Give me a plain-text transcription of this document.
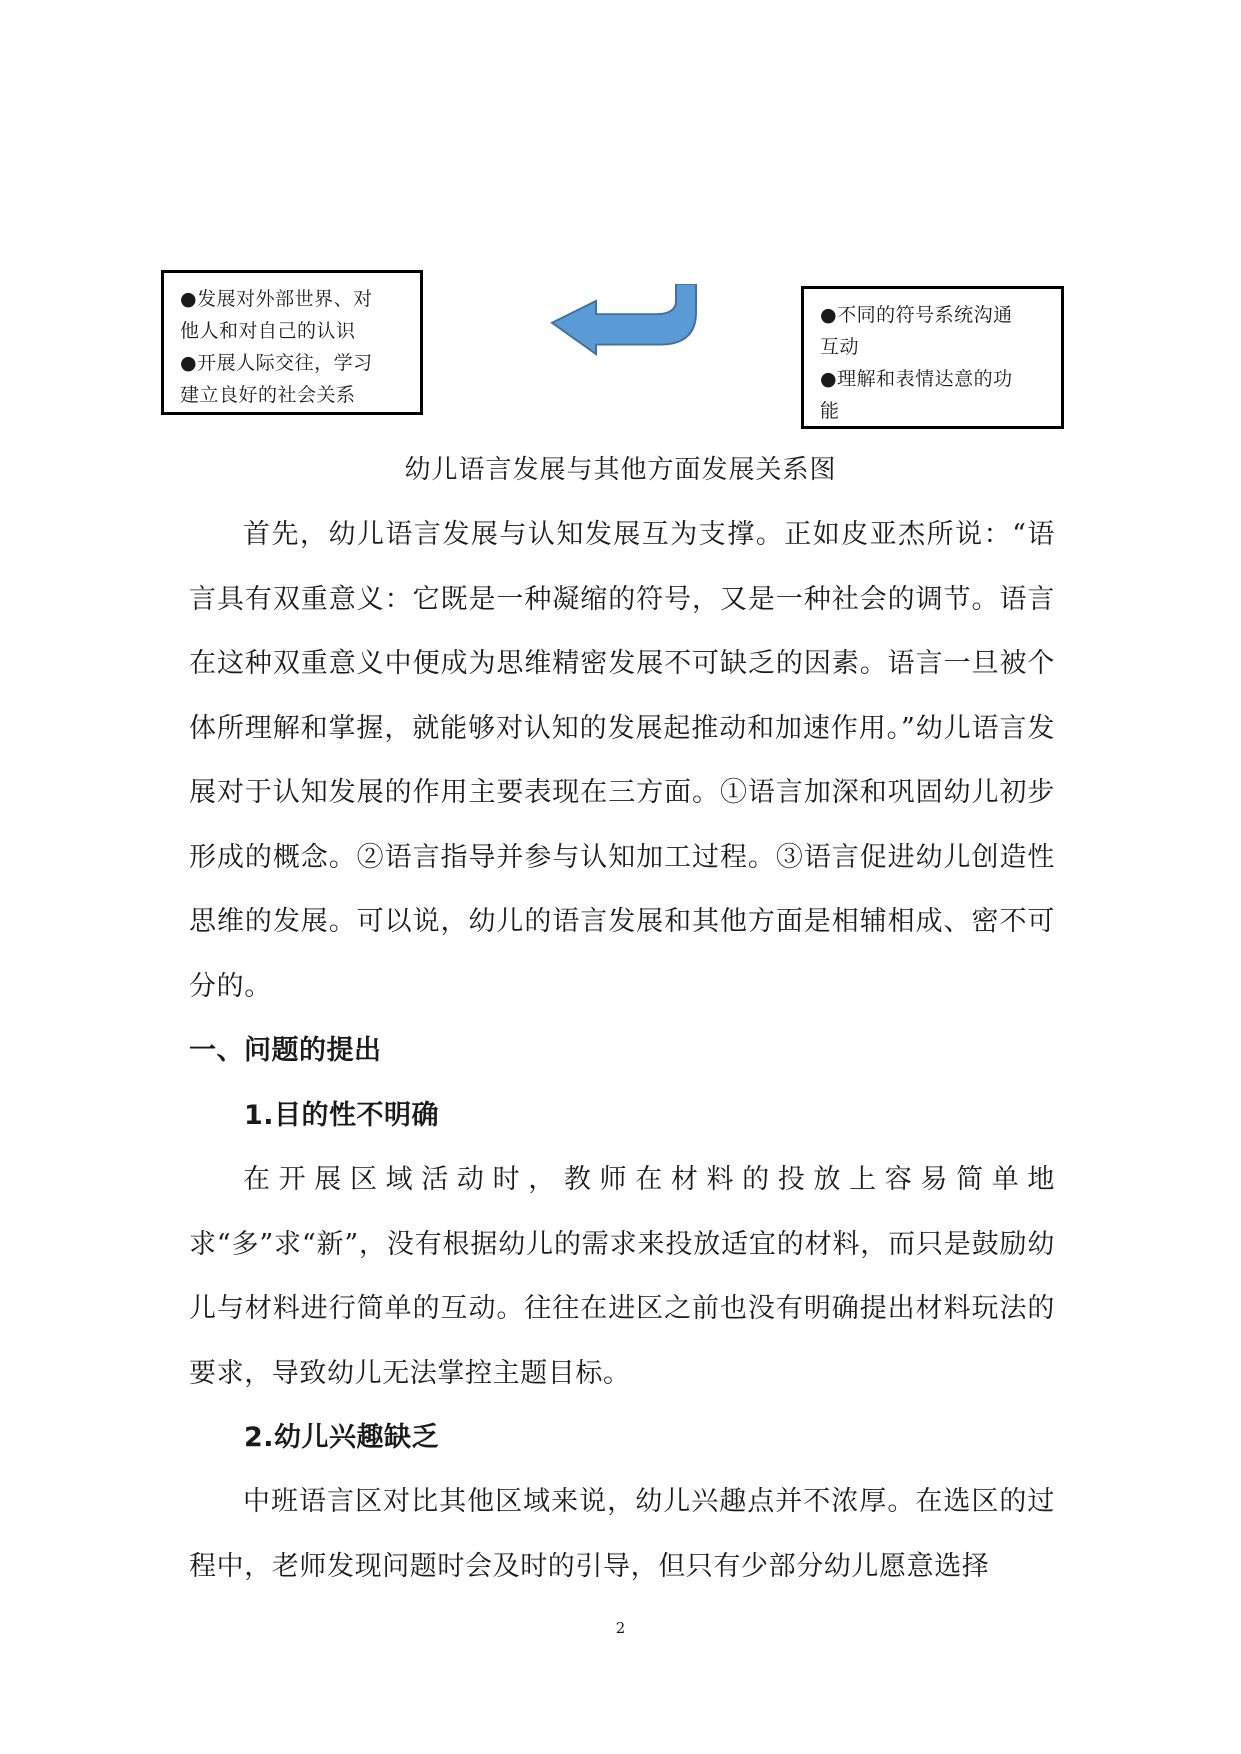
●发展对外部世界、对
他人和对自己的认识
●开展人际交往，学习
建立良好的社会关系
●不同的符号系统沟通
互动
●理解和表情达意的功
能
幼儿语言发展与其他方面发展关系图

首先，幼儿语言发展与认知发展互为支撑。正如皮亚杰所说：“语言具有双重意义：它既是一种凝缩的符号，又是一种社会的调节。语言在这种双重意义中便成为思维精密发展不可缺乏的因素。语言一旦被个体所理解和掌握，就能够对认知的发展起推动和加速作用。”幼儿语言发展对于认知发展的作用主要表现在三方面。①语言加深和巩固幼儿初步形成的概念。②语言指导并参与认知加工过程。③语言促进幼儿创造性思维的发展。可以说，幼儿的语言发展和其他方面是相辅相成、密不可分的。

一、问题的提出
1.目的性不明确

在开展区域活动时，教师在材料的投放上容易简单地求“多”求“新”，没有根据幼儿的需求来投放适宜的材料，而只是鼓励幼儿与材料进行简单的互动。往往在进区之前也没有明确提出材料玩法的要求，导致幼儿无法掌控主题目标。

2.幼儿兴趣缺乏

中班语言区对比其他区域来说，幼儿兴趣点并不浓厚。在选区的过程中，老师发现问题时会及时的引导，但只有少部分幼儿愿意选择

2
